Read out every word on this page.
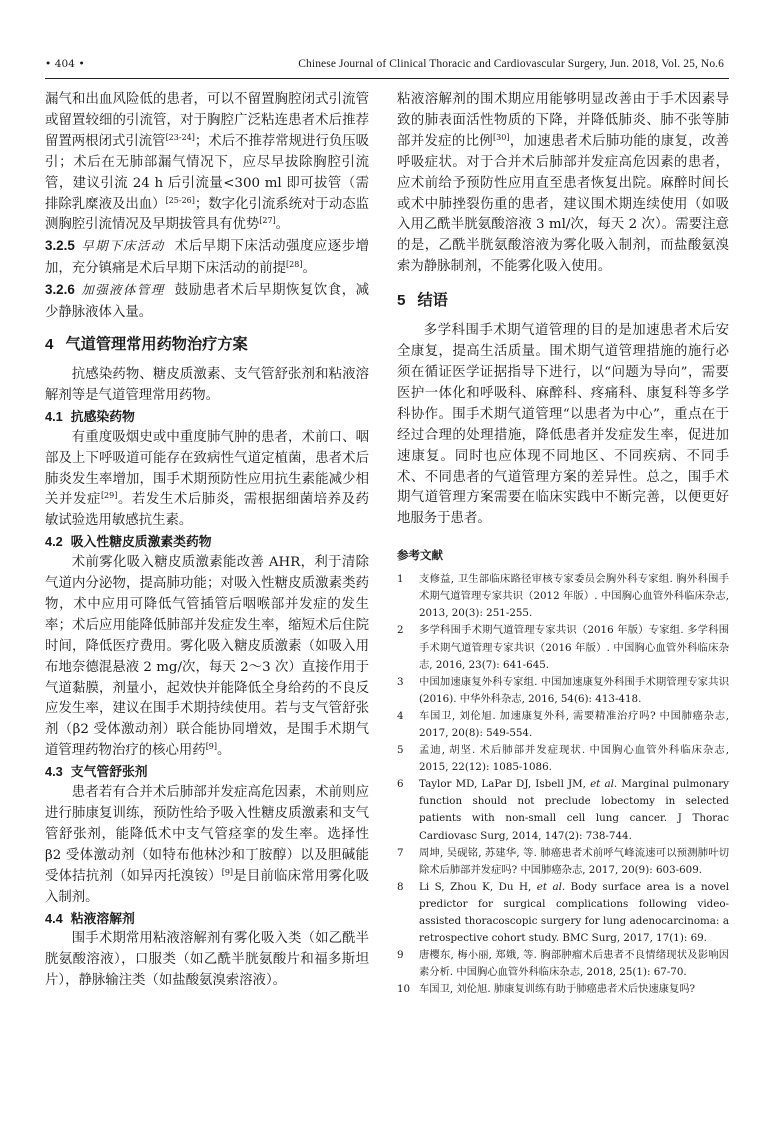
• 404 •	Chinese Journal of Clinical Thoracic and Cardiovascular Surgery, Jun. 2018, Vol. 25, No.6

漏气和出血风险低的患者，可以不留置胸腔闭式引流管或留置较细的引流管，对于胸腔广泛粘连患者术后推荐留置两根闭式引流管[23-24]；术后不推荐常规进行负压吸引；术后在无肺部漏气情况下，应尽早拔除胸腔引流管，建议引流 24 h 后引流量<300 ml 即可拔管（需排除乳糜液及出血）[25-26]；数字化引流系统对于动态监测胸腔引流情况及早期拔管具有优势[27]。

3.2.5 早期下床活动 术后早期下床活动强度应逐步增加，充分镇痛是术后早期下床活动的前提[28]。

3.2.6 加强液体管理 鼓励患者术后早期恢复饮食，减少静脉液体入量。

4 气道管理常用药物治疗方案

抗感染药物、糖皮质激素、支气管舒张剂和粘液溶解剂等是气道管理常用药物。

4.1 抗感染药物

有重度吸烟史或中重度肺气肿的患者，术前口、咽部及上下呼吸道可能存在致病性气道定植菌，患者术后肺炎发生率增加，围手术期预防性应用抗生素能减少相关并发症[29]。若发生术后肺炎，需根据细菌培养及药敏试验选用敏感抗生素。

4.2 吸入性糖皮质激素类药物

术前雾化吸入糖皮质激素能改善 AHR，利于清除气道内分泌物，提高肺功能；对吸入性糖皮质激素类药物，术中应用可降低气管插管后咽喉部并发症的发生率；术后应用能降低肺部并发症发生率，缩短术后住院时间，降低医疗费用。雾化吸入糖皮质激素（如吸入用布地奈德混悬液 2 mg/次，每天 2～3 次）直接作用于气道黏膜，剂量小，起效快并能降低全身给药的不良反应发生率，建议在围手术期持续使用。若与支气管舒张剂（β2 受体激动剂）联合能协同增效，是围手术期气道管理药物治疗的核心用药[9]。

4.3 支气管舒张剂

患者若有合并术后肺部并发症高危因素，术前则应进行肺康复训练，预防性给予吸入性糖皮质激素和支气管舒张剂，能降低术中支气管痉挛的发生率。选择性 β2 受体激动剂（如特布他林沙和丁胺醇）以及胆碱能受体拮抗剂（如异丙托溴铵）[9]是目前临床常用雾化吸入制剂。

4.4 粘液溶解剂

围手术期常用粘液溶解剂有雾化吸入类（如乙酰半胱氨酸溶液），口服类（如乙酰半胱氨酸片和福多斯坦片），静脉输注类（如盐酸氨溴索溶液）。

粘液溶解剂的围术期应用能够明显改善由于手术因素导致的肺表面活性物质的下降，并降低肺炎、肺不张等肺部并发症的比例[30]，加速患者术后肺功能的康复，改善呼吸症状。对于合并术后肺部并发症高危因素的患者，应术前给予预防性应用直至患者恢复出院。麻醉时间长或术中肺挫裂伤重的患者，建议围术期连续使用（如吸入用乙酰半胱氨酸溶液 3 ml/次，每天 2 次）。需要注意的是，乙酰半胱氨酸溶液为雾化吸入制剂，而盐酸氨溴索为静脉制剂，不能雾化吸入使用。

5 结语

多学科围手术期气道管理的目的是加速患者术后安全康复，提高生活质量。围术期气道管理措施的施行必须在循证医学证据指导下进行，以“问题为导向”，需要医护一体化和呼吸科、麻醉科、疼痛科、康复科等多学科协作。围手术期气道管理“以患者为中心”，重点在于经过合理的处理措施，降低患者并发症发生率，促进加速康复。同时也应体现不同地区、不同疾病、不同手术、不同患者的气道管理方案的差异性。总之，围手术期气道管理方案需要在临床实践中不断完善，以便更好地服务于患者。

参考文献
1	支修益, 卫生部临床路径审核专家委员会胸外科专家组. 胸外科围手术期气道管理专家共识（2012 年版）. 中国胸心血管外科临床杂志, 2013, 20(3): 251-255.
2	多学科围手术期气道管理专家共识（2016 年版）专家组. 多学科围手术期气道管理专家共识（2016 年版）. 中国胸心血管外科临床杂志, 2016, 23(7): 641-645.
3	中国加速康复外科专家组. 中国加速康复外科围手术期管理专家共识(2016). 中华外科杂志, 2016, 54(6): 413-418.
4	车国卫, 刘伦旭. 加速康复外科, 需要精准治疗吗? 中国肺癌杂志, 2017, 20(8): 549-554.
5	孟迪, 胡坚. 术后肺部并发症现状. 中国胸心血管外科临床杂志, 2015, 22(12): 1085-1086.
6	Taylor MD, LaPar DJ, Isbell JM, et al. Marginal pulmonary function should not preclude lobectomy in selected patients with non-small cell lung cancer. J Thorac Cardiovasc Surg, 2014, 147(2): 738-744.
7	周坤, 吴砚铭, 苏建华, 等. 肺癌患者术前呼气峰流速可以预测肺叶切除术后肺部并发症吗? 中国肺癌杂志, 2017, 20(9): 603-609.
8	Li S, Zhou K, Du H, et al. Body surface area is a novel predictor for surgical complications following video-assisted thoracoscopic surgery for lung adenocarcinoma: a retrospective cohort study. BMC Surg, 2017, 17(1): 69.
9	唐樱东, 梅小丽, 郑娥, 等. 胸部肿瘤术后患者不良情绪现状及影响因素分析. 中国胸心血管外科临床杂志, 2018, 25(1): 67-70.
10 车国卫, 刘伦旭. 肺康复训练有助于肺癌患者术后快速康复吗?
